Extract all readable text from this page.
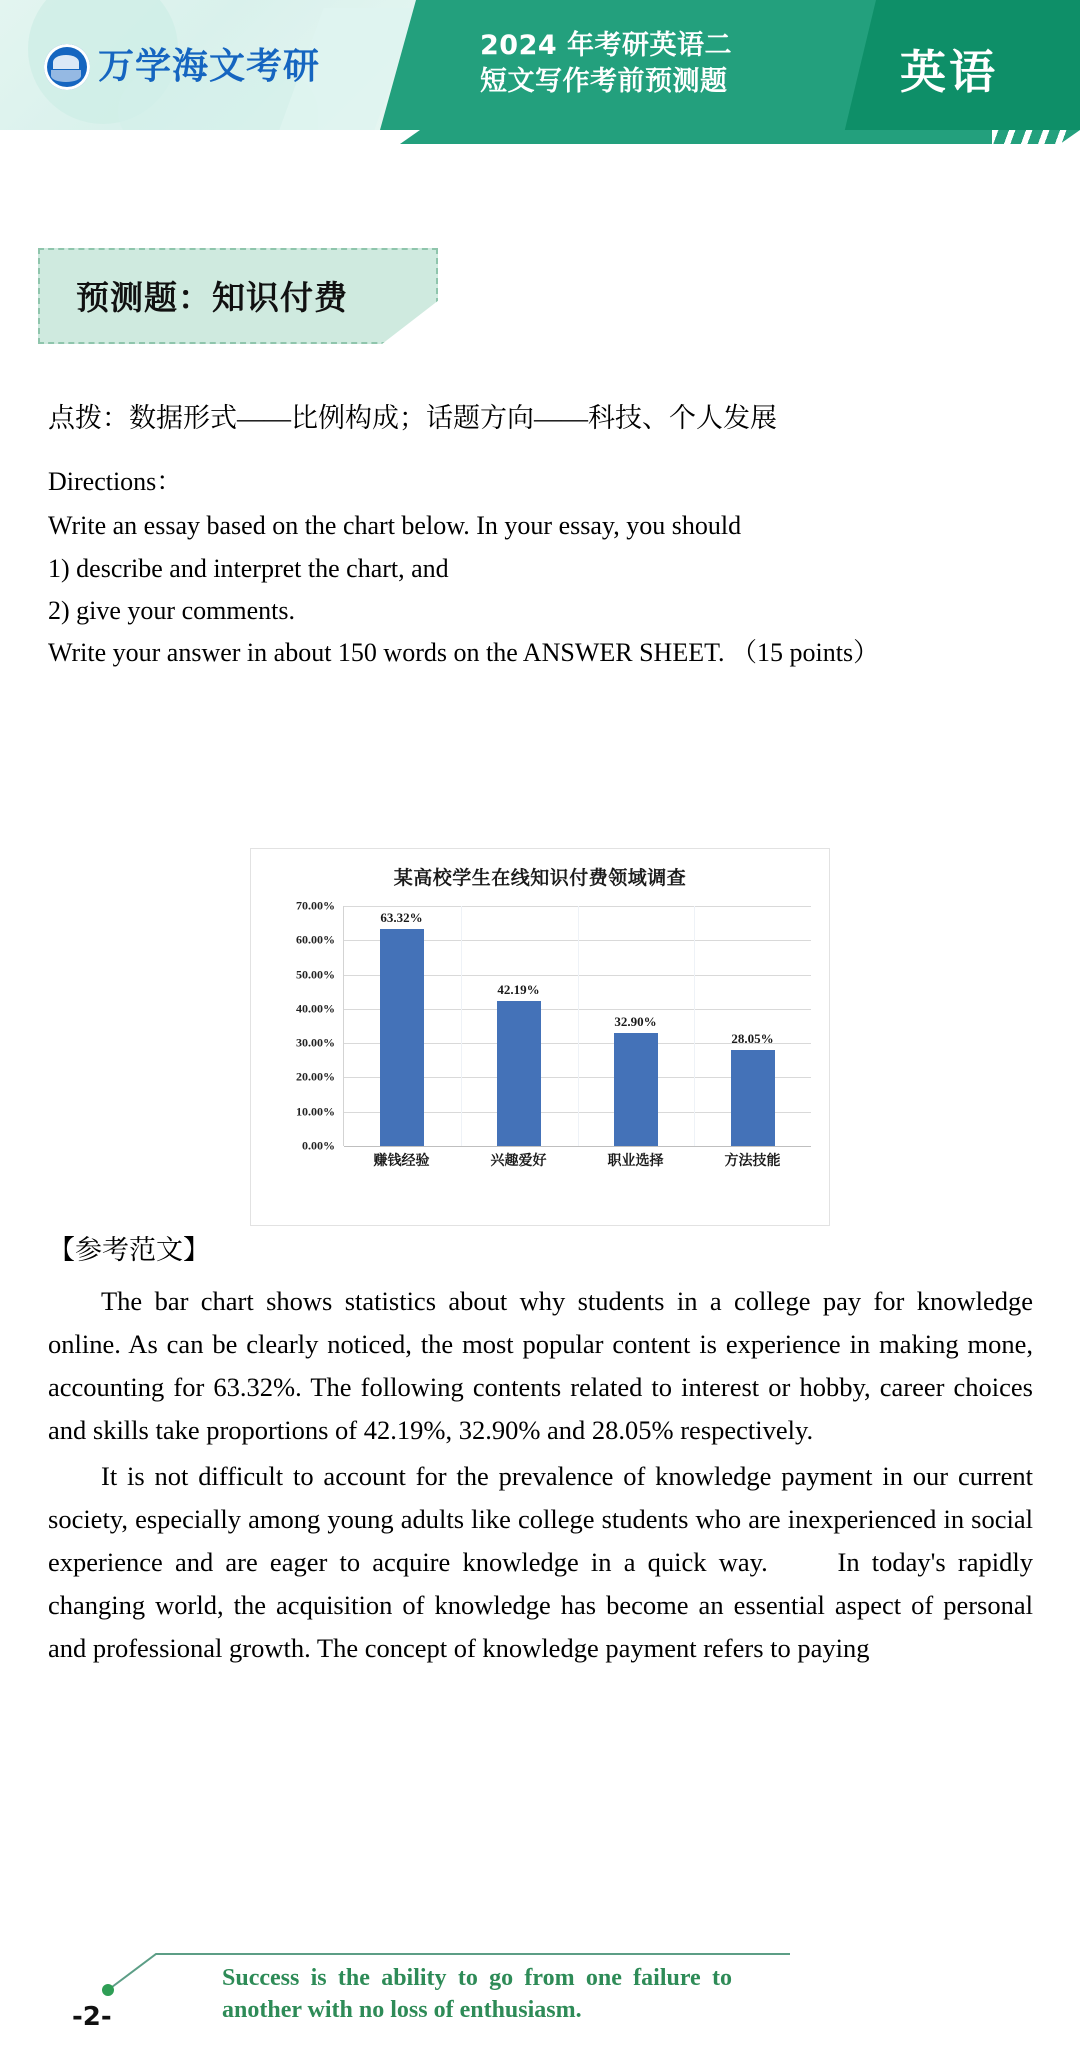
万学海文考研
2024 年考研英语二
短文写作考前预测题	英语
预测题：知识付费
点拨：数据形式——比例构成；话题方向——科技、个人发展
Directions：
Write an essay based on the chart below. In your essay, you should
1) describe and interpret the chart, and
2) give your comments.
Write your answer in about 150 words on the ANSWER SHEET. （15 points）
某高校学生在线知识付费领域调查
70.00%
60.00%
50.00%
40.00%
30.00%
20.00%
10.00%
0.00%
63.32%
42.19%
32.90%
28.05%
赚钱经验	兴趣爱好	职业选择	方法技能
【参考范文】

The bar chart shows statistics about why students in a college pay for knowledge online. As can be clearly noticed, the most popular content is experience in making mone, accounting for 63.32%. The following contents related to interest or hobby, career choices and skills take proportions of 42.19%, 32.90% and 28.05% respectively.

It is not difficult to account for the prevalence of knowledge payment in our current society, especially among young adults like college students who are inexperienced in social experience and are eager to acquire knowledge in a quick way.　　In today's rapidly changing world, the acquisition of knowledge has become an essential aspect of personal and professional growth. The concept of knowledge payment refers to paying

-2-
Success is the ability to go from one failure to another with no loss of enthusiasm.
